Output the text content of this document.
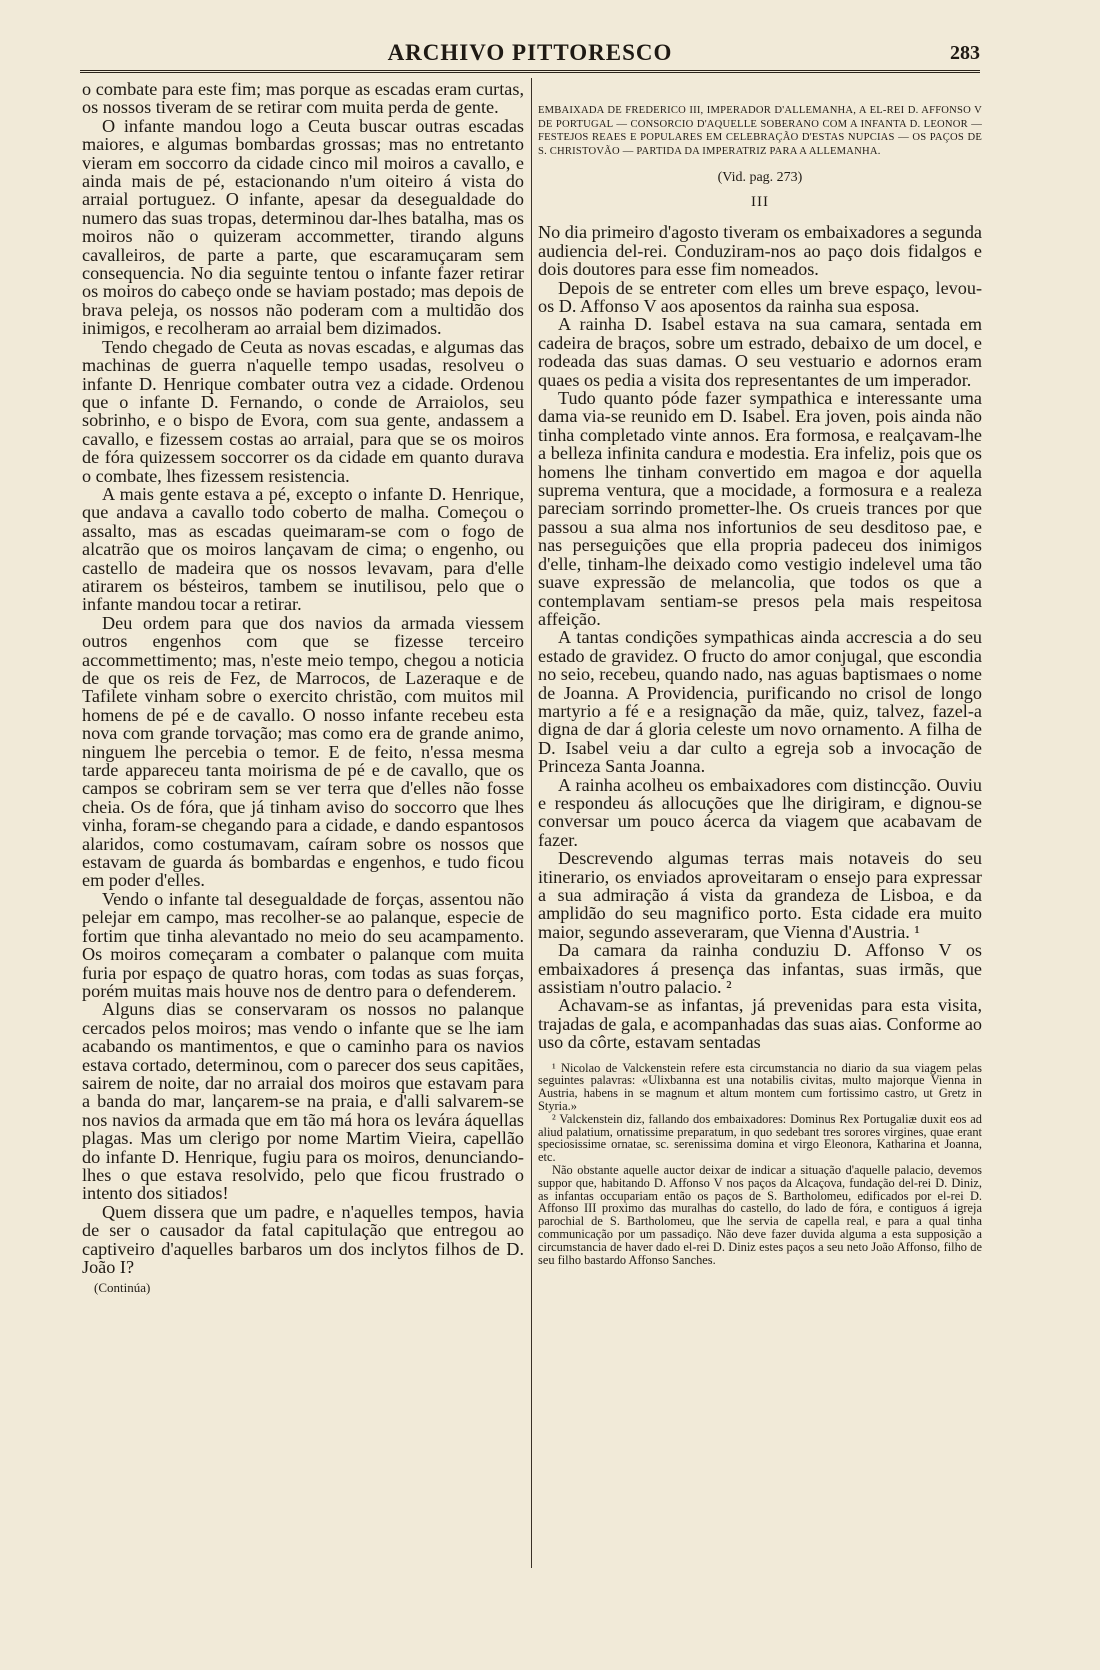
ARCHIVO PITTORESCO	283

o combate para este fim; mas porque as escadas eram curtas, os nossos tiveram de se retirar com muita perda de gente.

O infante mandou logo a Ceuta buscar outras escadas maiores, e algumas bombardas grossas; mas no entretanto vieram em soccorro da cidade cinco mil moiros a cavallo, e ainda mais de pé, estacionando n'um oiteiro á vista do arraial portuguez. O infante, apesar da desegualdade do numero das suas tropas, determinou dar-lhes batalha, mas os moiros não o quizeram accommetter, tirando alguns cavalleiros, de parte a parte, que escaramuçaram sem consequencia. No dia seguinte tentou o infante fazer retirar os moiros do cabeço onde se haviam postado; mas depois de brava peleja, os nossos não poderam com a multidão dos inimigos, e recolheram ao arraial bem dizimados.

Tendo chegado de Ceuta as novas escadas, e algumas das machinas de guerra n'aquelle tempo usadas, resolveu o infante D. Henrique combater outra vez a cidade. Ordenou que o infante D. Fernando, o conde de Arraiolos, seu sobrinho, e o bispo de Evora, com sua gente, andassem a cavallo, e fizessem costas ao arraial, para que se os moiros de fóra quizessem soccorrer os da cidade em quanto durava o combate, lhes fizessem resistencia.

A mais gente estava a pé, excepto o infante D. Henrique, que andava a cavallo todo coberto de malha. Começou o assalto, mas as escadas queimaram-se com o fogo de alcatrão que os moiros lançavam de cima; o engenho, ou castello de madeira que os nossos levavam, para d'elle atirarem os bésteiros, tambem se inutilisou, pelo que o infante mandou tocar a retirar.

Deu ordem para que dos navios da armada viessem outros engenhos com que se fizesse terceiro accommettimento; mas, n'este meio tempo, chegou a noticia de que os reis de Fez, de Marrocos, de Lazeraque e de Tafilete vinham sobre o exercito christão, com muitos mil homens de pé e de cavallo. O nosso infante recebeu esta nova com grande torvação; mas como era de grande animo, ninguem lhe percebia o temor. E de feito, n'essa mesma tarde appareceu tanta moirisma de pé e de cavallo, que os campos se cobriram sem se ver terra que d'elles não fosse cheia. Os de fóra, que já tinham aviso do soccorro que lhes vinha, foram-se chegando para a cidade, e dando espantosos alaridos, como costumavam, caíram sobre os nossos que estavam de guarda ás bombardas e engenhos, e tudo ficou em poder d'elles.

Vendo o infante tal desegualdade de forças, assentou não pelejar em campo, mas recolher-se ao palanque, especie de fortim que tinha alevantado no meio do seu acampamento. Os moiros começaram a combater o palanque com muita furia por espaço de quatro horas, com todas as suas forças, porém muitas mais houve nos de dentro para o defenderem.

Alguns dias se conservaram os nossos no palanque cercados pelos moiros; mas vendo o infante que se lhe iam acabando os mantimentos, e que o caminho para os navios estava cortado, determinou, com o parecer dos seus capitães, sairem de noite, dar no arraial dos moiros que estavam para a banda do mar, lançarem-se na praia, e d'alli salvarem-se nos navios da armada que em tão má hora os levára áquellas plagas. Mas um clerigo por nome Martim Vieira, capellão do infante D. Henrique, fugiu para os moiros, denunciando-lhes o que estava resolvido, pelo que ficou frustrado o intento dos sitiados!

Quem dissera que um padre, e n'aquelles tempos, havia de ser o causador da fatal capitulação que entregou ao captiveiro d'aquelles barbaros um dos inclytos filhos de D. João I?

(Continúa)
EMBAIXADA DE FREDERICO III, IMPERADOR D'ALLEMANHA, A EL-REI D. AFFONSO V DE PORTUGAL — CONSORCIO D'AQUELLE SOBERANO COM A INFANTA D. LEONOR — FESTEJOS REAES E POPULARES EM CELEBRAÇÃO D'ESTAS NUPCIAS — OS PAÇOS DE S. CHRISTOVÃO — PARTIDA DA IMPERATRIZ PARA A ALLEMANHA.
(Vid. pag. 273)
III

No dia primeiro d'agosto tiveram os embaixadores a segunda audiencia del-rei. Conduziram-nos ao paço dois fidalgos e dois doutores para esse fim nomeados.

Depois de se entreter com elles um breve espaço, levou-os D. Affonso V aos aposentos da rainha sua esposa.

A rainha D. Isabel estava na sua camara, sentada em cadeira de braços, sobre um estrado, debaixo de um docel, e rodeada das suas damas. O seu vestuario e adornos eram quaes os pedia a visita dos representantes de um imperador.

Tudo quanto póde fazer sympathica e interessante uma dama via-se reunido em D. Isabel. Era joven, pois ainda não tinha completado vinte annos. Era formosa, e realçavam-lhe a belleza infinita candura e modestia. Era infeliz, pois que os homens lhe tinham convertido em magoa e dor aquella suprema ventura, que a mocidade, a formosura e a realeza pareciam sorrindo prometter-lhe. Os crueis trances por que passou a sua alma nos infortunios de seu desditoso pae, e nas perseguições que ella propria padeceu dos inimigos d'elle, tinham-lhe deixado como vestigio indelevel uma tão suave expressão de melancolia, que todos os que a contemplavam sentiam-se presos pela mais respeitosa affeição.

A tantas condições sympathicas ainda accrescia a do seu estado de gravidez. O fructo do amor conjugal, que escondia no seio, recebeu, quando nado, nas aguas baptismaes o nome de Joanna. A Providencia, purificando no crisol de longo martyrio a fé e a resignação da mãe, quiz, talvez, fazel-a digna de dar á gloria celeste um novo ornamento. A filha de D. Isabel veiu a dar culto a egreja sob a invocação de Princeza Santa Joanna.

A rainha acolheu os embaixadores com distincção. Ouviu e respondeu ás allocuções que lhe dirigiram, e dignou-se conversar um pouco ácerca da viagem que acabavam de fazer.

Descrevendo algumas terras mais notaveis do seu itinerario, os enviados aproveitaram o ensejo para expressar a sua admiração á vista da grandeza de Lisboa, e da amplidão do seu magnifico porto. Esta cidade era muito maior, segundo asseveraram, que Vienna d'Austria. ¹

Da camara da rainha conduziu D. Affonso V os embaixadores á presença das infantas, suas irmãs, que assistiam n'outro palacio. ²

Achavam-se as infantas, já prevenidas para esta visita, trajadas de gala, e acompanhadas das suas aias. Conforme ao uso da côrte, estavam sentadas

¹ Nicolao de Valckenstein refere esta circumstancia no diario da sua viagem pelas seguintes palavras: «Ulixbanna est una notabilis civitas, multo majorque Vienna in Austria, habens in se magnum et altum montem cum fortissimo castro, ut Gretz in Styria.»

² Valckenstein diz, fallando dos embaixadores: Dominus Rex Portugaliæ duxit eos ad aliud palatium, ornatissime preparatum, in quo sedebant tres sorores virgines, quae erant speciosissime ornatae, sc. serenissima domina et virgo Eleonora, Katharina et Joanna, etc.

Não obstante aquelle auctor deixar de indicar a situação d'aquelle palacio, devemos suppor que, habitando D. Affonso V nos paços da Alcaçova, fundação del-rei D. Diniz, as infantas occupariam então os paços de S. Bartholomeu, edificados por el-rei D. Affonso III proximo das muralhas do castello, do lado de fóra, e contiguos á igreja parochial de S. Bartholomeu, que lhe servia de capella real, e para a qual tinha communicação por um passadiço. Não deve fazer duvida alguma a esta supposição a circumstancia de haver dado el-rei D. Diniz estes paços a seu neto João Affonso, filho de seu filho bastardo Affonso Sanches.
